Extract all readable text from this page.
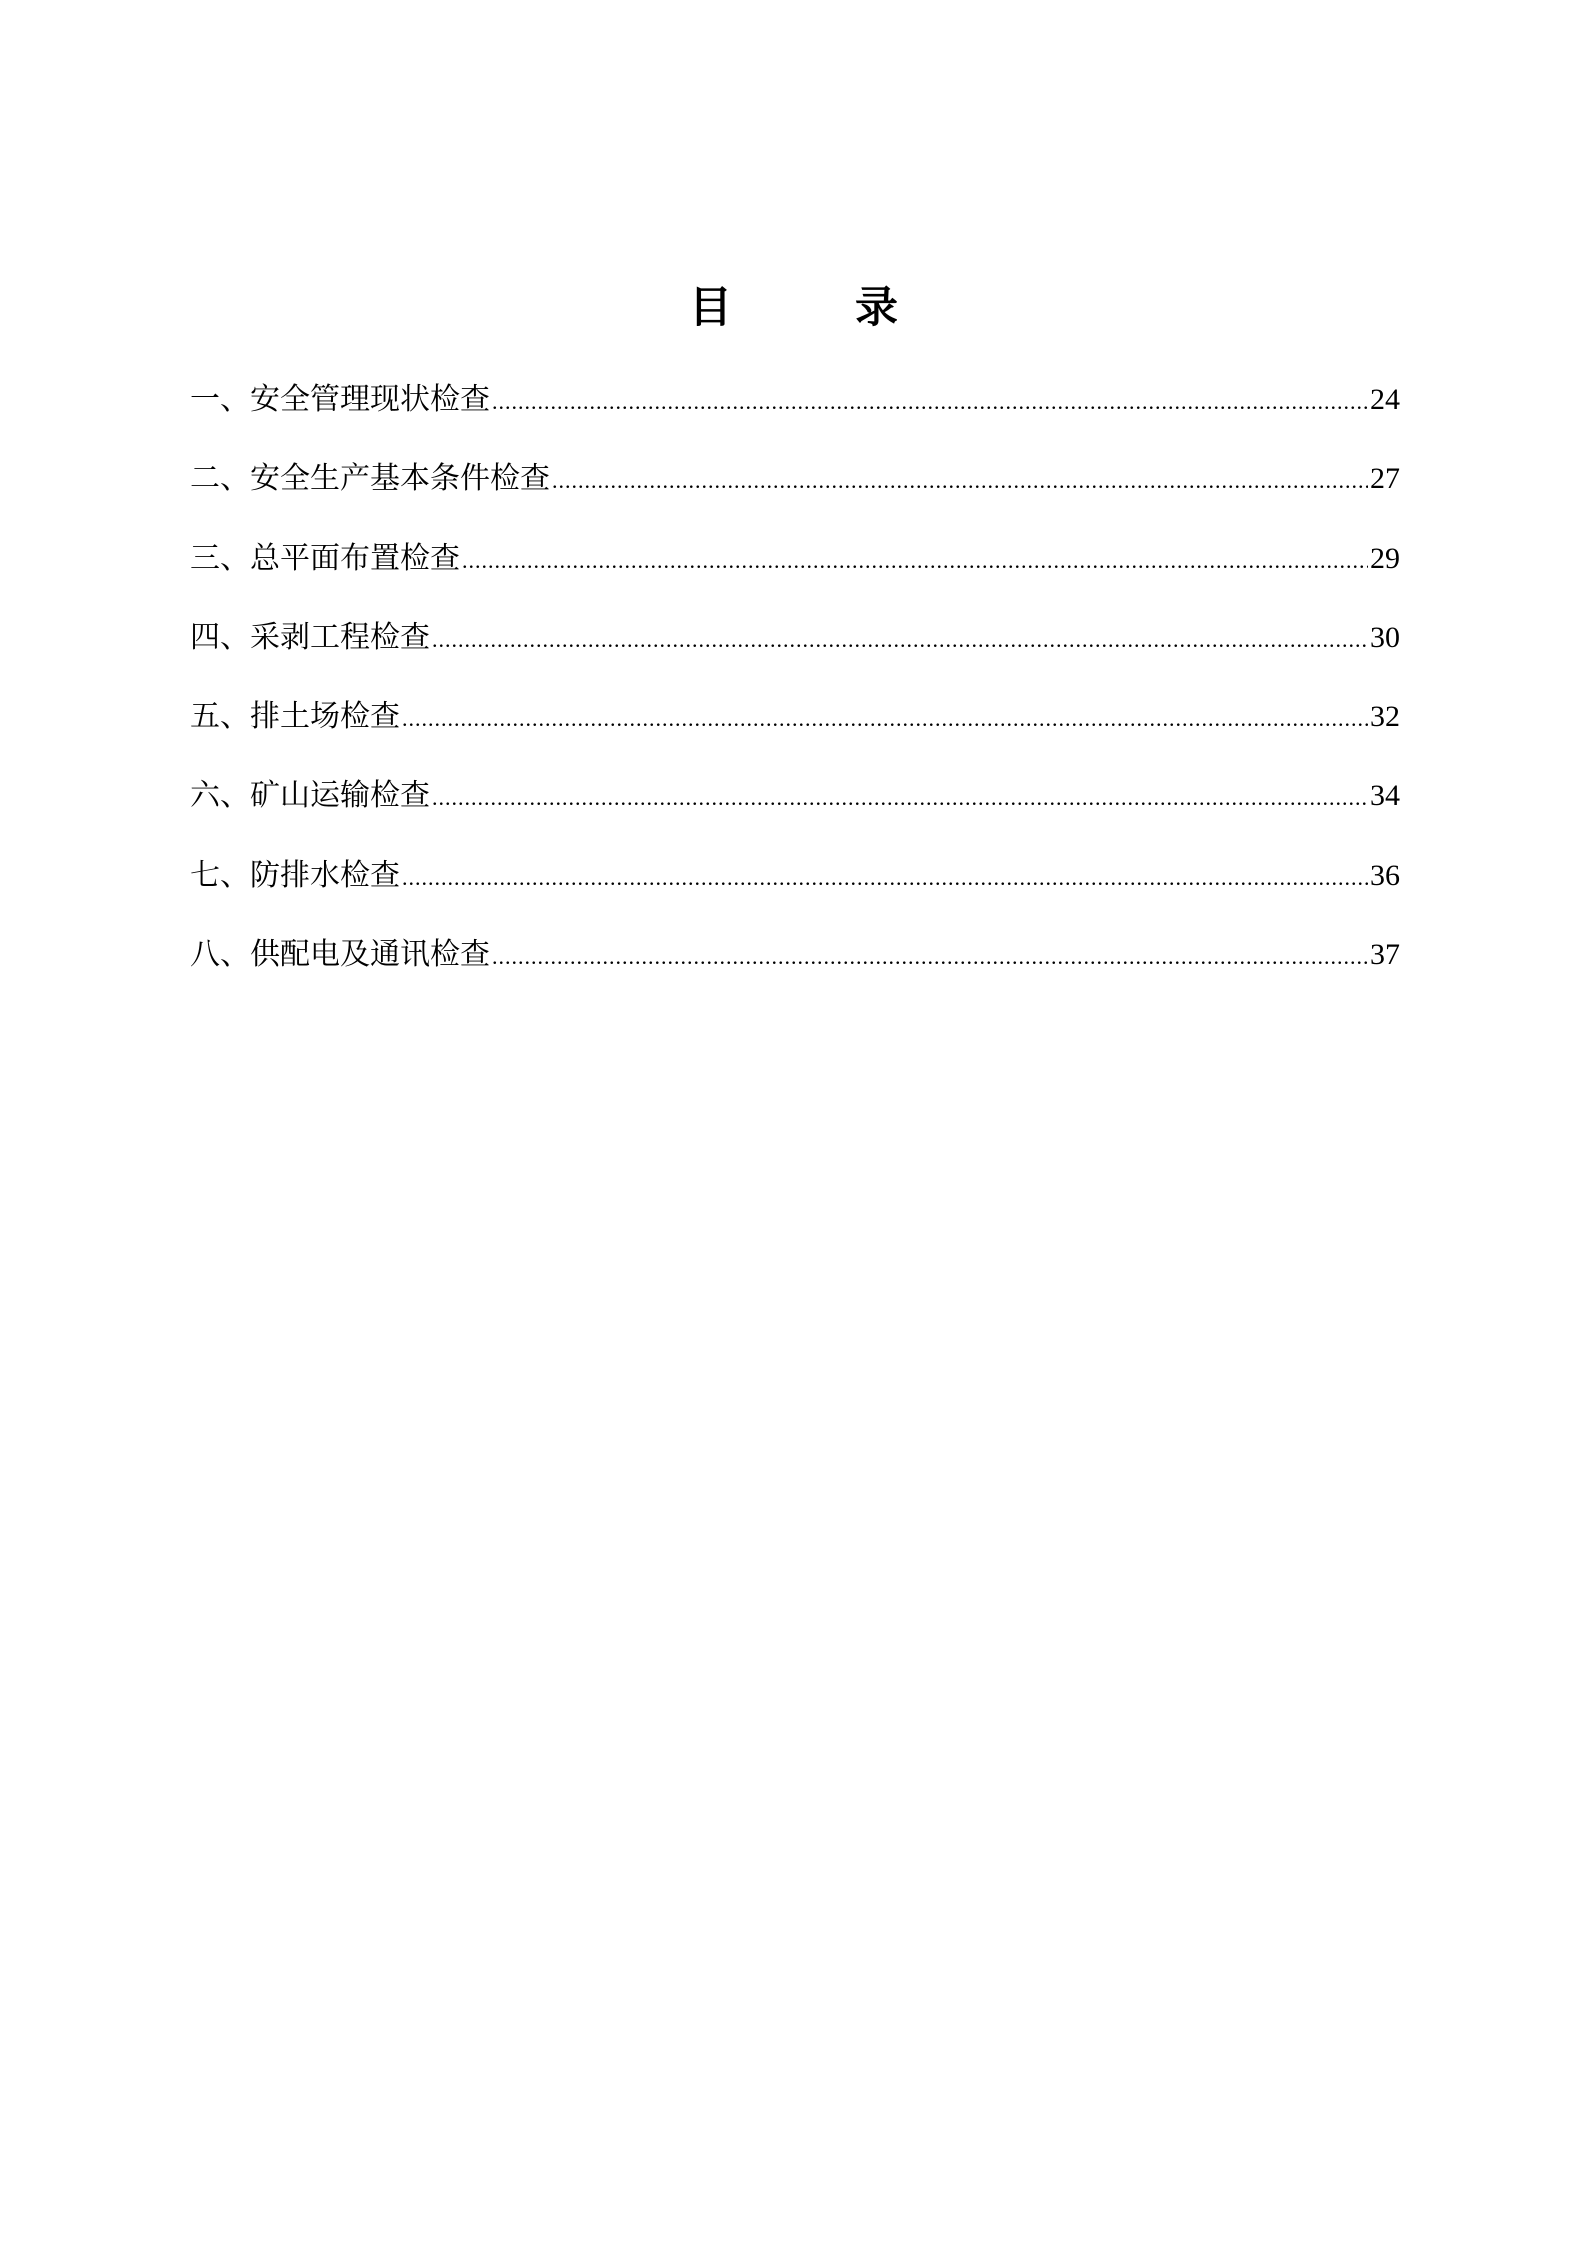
目　录
一、安全管理现状检查 .....	24
二、安全生产基本条件检查 .....	27
三、总平面布置检查 .....	29
四、采剥工程检查 .....	30
五、排土场检查 .....	32
六、矿山运输检查 .....	34
七、防排水检查 .....	36
八、供配电及通讯检查 .....	37
